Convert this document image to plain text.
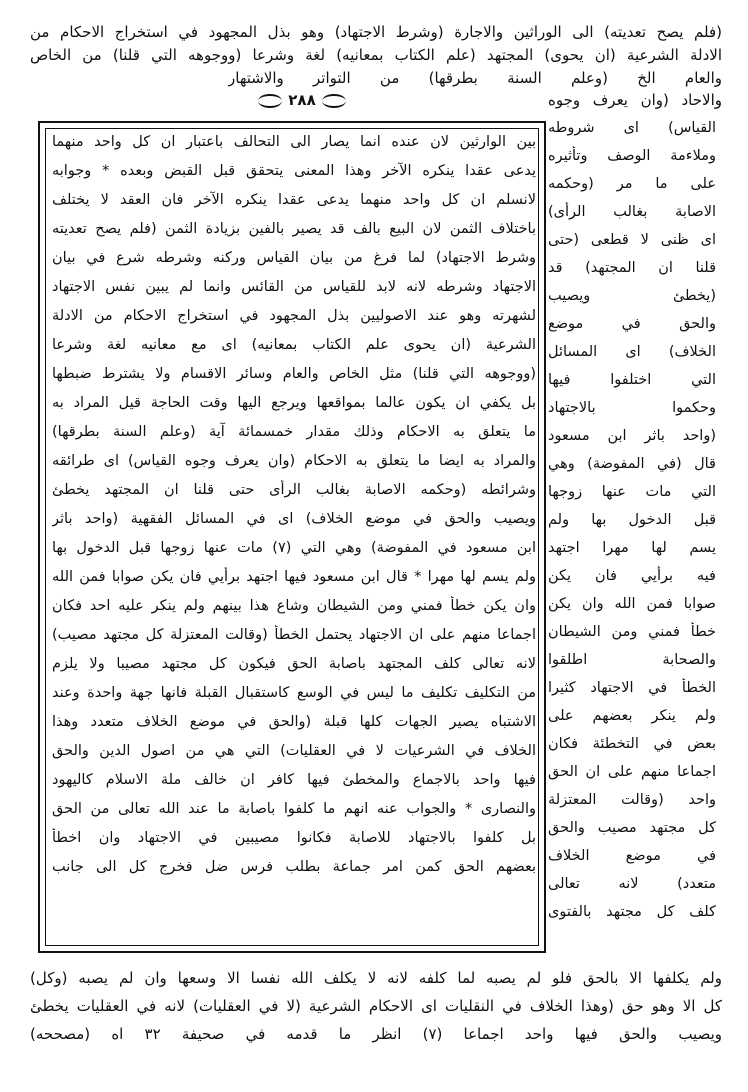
(فلم يصح تعديته) الى الوراثين والاجارة (وشرط الاجتهاد) وهو بذل المجهود في استخراج الاحكام من
الادلة الشرعية (ان يحوى) المجتهد (علم الكتاب بمعانيه) لغة وشرعا (ووجوهه التي قلنا) من الخاص
والعام الخ (وعلم السنة بطرقها) من التواتر والاشتهار
٢٨٨	والاحاد (وان يعرف وجوه
بين الوارثين لان عنده انما يصار الى التحالف باعتبار ان كل واحد منهما
يدعى عقدا ينكره الآخر وهذا المعنى يتحقق قبل القبض وبعده * وجوابه
لانسلم ان كل واحد منهما يدعى عقدا ينكره الآخر فان العقد لا يختلف
باختلاف الثمن لان البيع بالف قد يصير بالفين بزيادة الثمن (فلم يصح تعديته
وشرط الاجتهاد) لما فرغ من بيان القياس وركنه وشرطه شرع في بيان
الاجتهاد وشرطه لانه لابد للقياس من القائس وانما لم يبين نفس الاجتهاد
لشهرته وهو عند الاصوليين بذل المجهود في استخراج الاحكام من الادلة
الشرعية (ان يحوى علم الكتاب بمعانيه) اى مع معانيه لغة وشرعا
(ووجوهه التي قلنا) مثل الخاص والعام وسائر الاقسام ولا يشترط ضبطها
بل يكفي ان يكون عالما بمواقعها ويرجع اليها وقت الحاجة قيل المراد به
ما يتعلق به الاحكام وذلك مقدار خمسمائة آية (وعلم السنة بطرقها)
والمراد به ايضا ما يتعلق به الاحكام (وان يعرف وجوه القياس) اى طرائقه
وشرائطه (وحكمه الاصابة بغالب الرأى حتى قلنا ان المجتهد يخطئ
ويصيب والحق في موضع الخلاف) اى في المسائل الفقهية (واحد باثر
ابن مسعود في المفوضة) وهي التي (٧) مات عنها زوجها قبل الدخول بها
ولم يسم لها مهرا * قال ابن مسعود فيها اجتهد برأيي فان يكن صوابا فمن الله
وان يكن خطأ فمني ومن الشيطان وشاع هذا بينهم ولم ينكر عليه احد فكان
اجماعا منهم على ان الاجتهاد يحتمل الخطأ (وقالت المعتزلة كل مجتهد مصيب)
لانه تعالى كلف المجتهد باصابة الحق فيكون كل مجتهد مصيبا ولا يلزم
من التكليف تكليف ما ليس في الوسع كاستقبال القبلة فانها جهة واحدة وعند
الاشتباه يصير الجهات كلها قبلة (والحق في موضع الخلاف متعدد وهذا
الخلاف في الشرعيات لا في العقليات) التي هي من اصول الدين والحق
فيها واحد بالاجماع والمخطئ فيها كافر ان خالف ملة الاسلام كاليهود
والنصارى * والجواب عنه انهم ما كلفوا باصابة ما عند الله تعالى من الحق
بل كلفوا بالاجتهاد للاصابة فكانوا مصيبين في الاجتهاد وان اخطأ
بعضهم الحق كمن امر جماعة بطلب فرس ضل فخرج كل الى جانب
القياس) اى شروطه
وملاءمة الوصف وتأثيره
على ما مر (وحكمه
الاصابة بغالب الرأى)
اى ظنى لا قطعى (حتى
قلنا ان المجتهد) قد
(يخطئ ويصيب
والحق في موضع
الخلاف) اى المسائل
التي اختلفوا فيها
وحكموا بالاجتهاد
(واحد باثر ابن مسعود
قال (في المفوضة) وهي
التي مات عنها زوجها
قبل الدخول بها ولم
يسم لها مهرا اجتهد
فيه برأيي فان يكن
صوابا فمن الله وان يكن
خطأ فمني ومن الشيطان
والصحابة اطلقوا
الخطأ في الاجتهاد كثيرا
ولم ينكر بعضهم على
بعض في التخطئة فكان
اجماعا منهم على ان الحق
واحد (وقالت المعتزلة
كل مجتهد مصيب والحق
في موضع الخلاف
متعدد) لانه تعالى
كلف كل مجتهد بالفتوى
ولم يكلفها الا بالحق فلو لم يصبه لما كلفه لانه لا يكلف الله نفسا الا وسعها وان لم يصبه (وكل)
كل الا وهو حق (وهذا الخلاف في النقليات اى الاحكام الشرعية (لا في العقليات) لانه في العقليات يخطئ
ويصيب والحق فيها واحد اجماعا (٧) انظر ما قدمه في صحيفة ٣٢ اه (مصححه)
